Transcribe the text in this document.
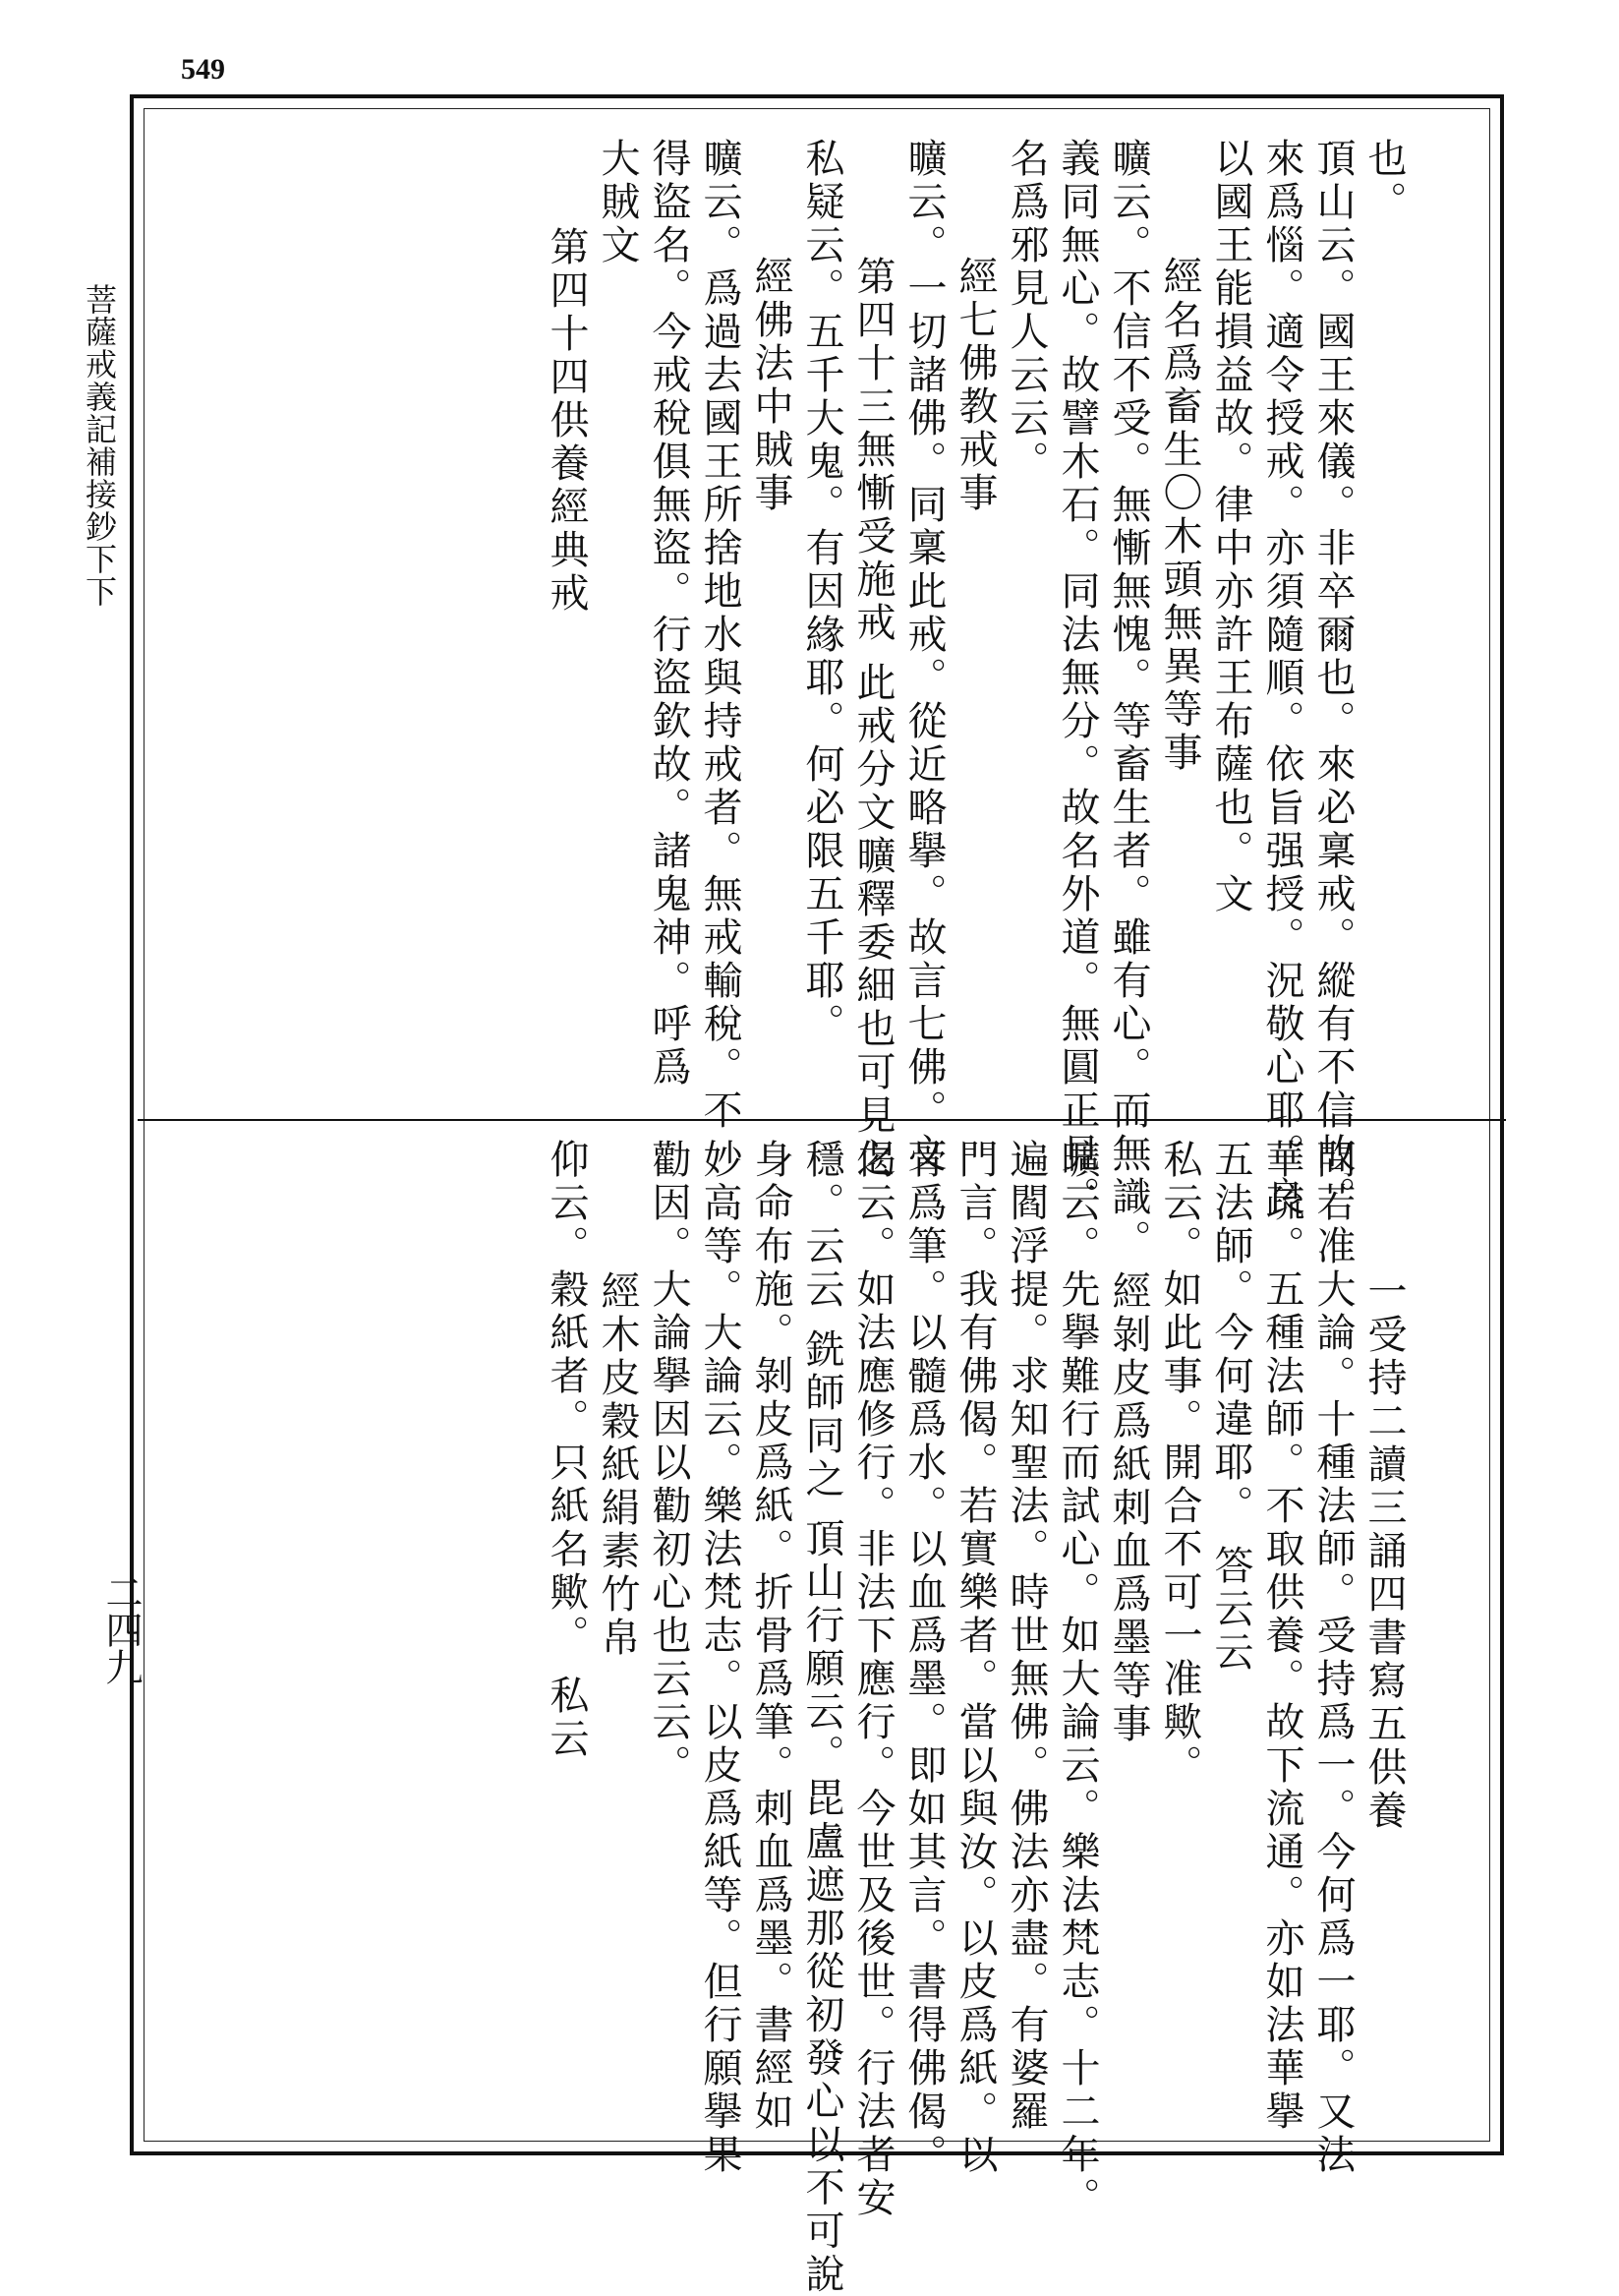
549
菩薩戒義記補接鈔下下
二四九
也。
頂山云。國王來儀。非卒爾也。來必稟戒。縱有不信故。
來爲惱。適令授戒。亦須隨順。依旨强授。況敬心耶。良
以國王能損益故。律中亦許王布薩也。文
經名爲畜生〇木頭無異等事
曠云。不信不受。無慚無愧。等畜生者。雖有心。而無識。
義同無心。故譬木石。同法無分。故名外道。無圓正見。
名爲邪見人云云。
經七佛教戒事
曠云。一切諸佛。同稟此戒。從近略擧。故言七佛。文
第四十三無慚受施戒 此戒分文曠釋委細也可見之
私疑云。五千大鬼。有因緣耶。何必限五千耶。
經佛法中賊事
曠云。爲過去國王所捨地水與持戒者。無戒輸稅。不
得盜名。今戒稅俱無盜。行盜欽故。諸鬼神。呼爲
大賊文
第四十四供養經典戒
一受持二讀三誦四書寫五供養
問若准大論。十種法師。受持爲一。今何爲一耶。又法
華疏。五種法師。不取供養。故下流通。亦如法華擧
五法師。今何違耶。 答云云
私云。如此事。開合不可一准歟。
經剝皮爲紙刺血爲墨等事
曠云。先擧難行而試心。如大論云。樂法梵志。十二年。
遍閻浮提。求知聖法。時世無佛。佛法亦盡。有婆羅
門言。我有佛偈。若實樂者。當以與汝。以皮爲紙。以
骨爲筆。以髓爲水。以血爲墨。即如其言。書得佛偈。
偈云。如法應修行。非法下應行。今世及後世。行法者安
穩。云云 銑師同之 頂山行願云。毘盧遮那從初發心以不可說
身命布施。剝皮爲紙。折骨爲筆。刺血爲墨。書經如
妙高等。大論云。樂法梵志。以皮爲紙等。但行願擧果
勸因。大論擧因以勸初心也云云。
經木皮穀紙絹素竹帛
仰云。穀紙者。只紙名歟。 私云
